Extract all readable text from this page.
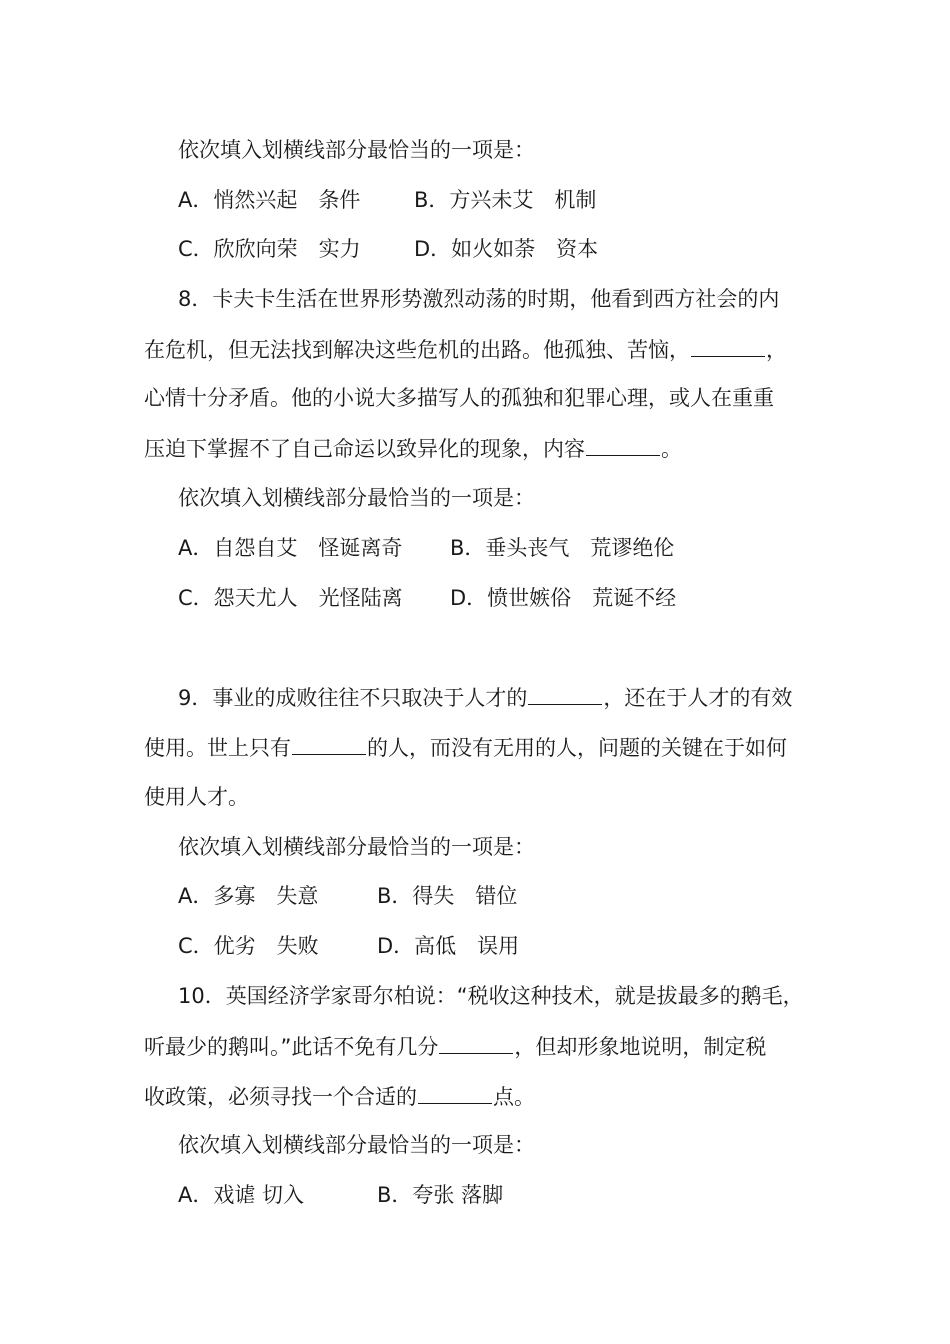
依次填入划横线部分最恰当的一项是：
A．悄然兴起　条件	B．方兴未艾　机制
C．欣欣向荣　实力	D．如火如荼　资本
8．卡夫卡生活在世界形势激烈动荡的时期，他看到西方社会的内
在危机，但无法找到解决这些危机的出路。他孤独、苦恼，	，
心情十分矛盾。他的小说大多描写人的孤独和犯罪心理，或人在重重
压迫下掌握不了自己命运以致异化的现象，内容	。
依次填入划横线部分最恰当的一项是：
A．自怨自艾　怪诞离奇 B．垂头丧气　荒谬绝伦
C．怨天尤人　光怪陆离 D．愤世嫉俗　荒诞不经
9．事业的成败往往不只取决于人才的	，还在于人才的有效
使用。世上只有	的人，而没有无用的人，问题的关键在于如何
使用人才。
依次填入划横线部分最恰当的一项是：
A．多寡　失意	B．得失　错位
C．优劣　失败	D．高低　误用
10．英国经济学家哥尔柏说：“税收这种技术，就是拔最多的鹅毛，
听最少的鹅叫。”此话不免有几分	，但却形象地说明，制定税
收政策，必须寻找一个合适的	点。
依次填入划横线部分最恰当的一项是：
A．戏谑 切入	B．夸张 落脚
